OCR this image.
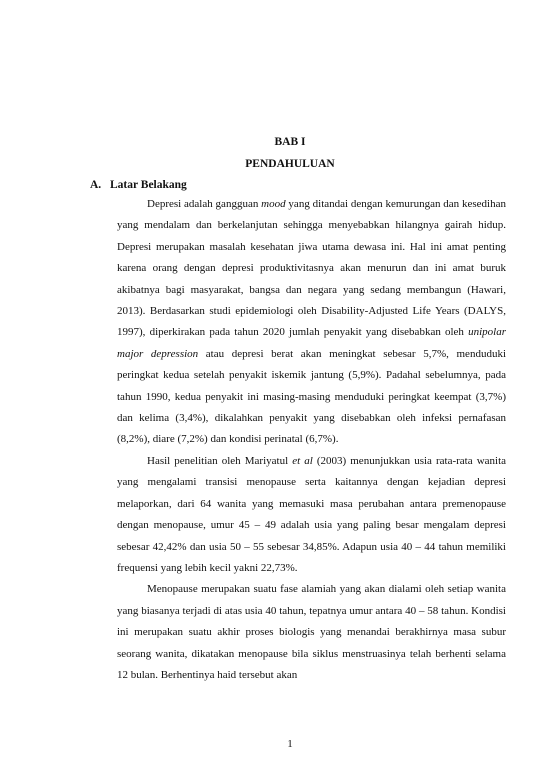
BAB I
PENDAHULUAN
A. Latar Belakang

Depresi adalah gangguan mood yang ditandai dengan kemurungan dan kesedihan yang mendalam dan berkelanjutan sehingga menyebabkan hilangnya gairah hidup. Depresi merupakan masalah kesehatan jiwa utama dewasa ini. Hal ini amat penting karena orang dengan depresi produktivitasnya akan menurun dan ini amat buruk akibatnya bagi masyarakat, bangsa dan negara yang sedang membangun (Hawari, 2013). Berdasarkan studi epidemiologi oleh Disability-Adjusted Life Years (DALYS, 1997), diperkirakan pada tahun 2020 jumlah penyakit yang disebabkan oleh unipolar major depression atau depresi berat akan meningkat sebesar 5,7%, menduduki peringkat kedua setelah penyakit iskemik jantung (5,9%). Padahal sebelumnya, pada tahun 1990, kedua penyakit ini masing-masing menduduki peringkat keempat (3,7%) dan kelima (3,4%), dikalahkan penyakit yang disebabkan oleh infeksi pernafasan (8,2%), diare (7,2%) dan kondisi perinatal (6,7%).

Hasil penelitian oleh Mariyatul et al (2003) menunjukkan usia rata-rata wanita yang mengalami transisi menopause serta kaitannya dengan kejadian depresi melaporkan, dari 64 wanita yang memasuki masa perubahan antara premenopause dengan menopause, umur 45 – 49 adalah usia yang paling besar mengalam depresi sebesar 42,42% dan usia 50 – 55 sebesar 34,85%. Adapun usia 40 – 44 tahun memiliki frequensi yang lebih kecil yakni 22,73%.

Menopause merupakan suatu fase alamiah yang akan dialami oleh setiap wanita yang biasanya terjadi di atas usia 40 tahun, tepatnya umur antara 40 – 58 tahun. Kondisi ini merupakan suatu akhir proses biologis yang menandai berakhirnya masa subur seorang wanita, dikatakan menopause bila siklus menstruasinya telah berhenti selama 12 bulan. Berhentinya haid tersebut akan

1
